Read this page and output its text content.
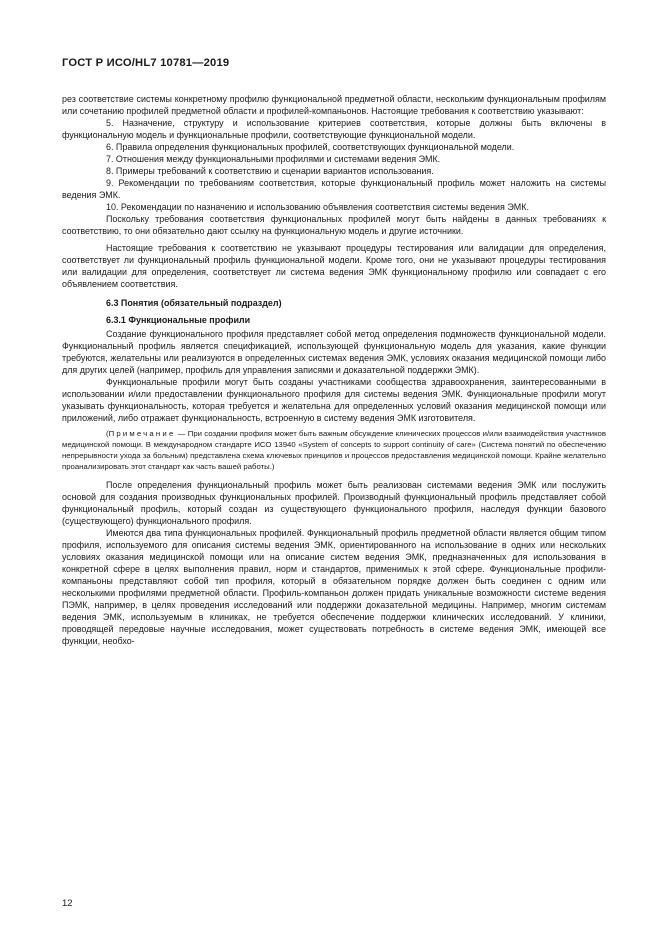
ГОСТ Р ИСО/HL7 10781—2019

рез соответствие системы конкретному профилю функциональной предметной области, нескольким функциональным профилям или сочетанию профилей предметной области и профилей-компаньонов. Настоящие требования к соответствию указывают:

5. Назначение, структуру и использование критериев соответствия, которые должны быть включены в функциональную модель и функциональные профили, соответствующие функциональной модели.

6. Правила определения функциональных профилей, соответствующих функциональной модели.

7. Отношения между функциональными профилями и системами ведения ЭМК.

8. Примеры требований к соответствию и сценарии вариантов использования.

9. Рекомендации по требованиям соответствия, которые функциональный профиль может наложить на системы ведения ЭМК.

10. Рекомендации по назначению и использованию объявления соответствия системы ведения ЭМК.

Поскольку требования соответствия функциональных профилей могут быть найдены в данных требованиях к соответствию, то они обязательно дают ссылку на функциональную модель и другие источники.

Настоящие требования к соответствию не указывают процедуры тестирования или валидации для определения, соответствует ли функциональный профиль функциональной модели. Кроме того, они не указывают процедуры тестирования или валидации для определения, соответствует ли система ведения ЭМК функциональному профилю или совпадает с его объявлением соответствия.

6.3 Понятия (обязательный подраздел)

6.3.1 Функциональные профили

Создание функционального профиля представляет собой метод определения подмножеств функциональной модели. Функциональный профиль является спецификацией, использующей функциональную модель для указания, какие функции требуются, желательны или реализуются в определенных системах ведения ЭМК, условиях оказания медицинской помощи либо для других целей (например, профиль для управления записями и доказательной поддержки ЭМК).

Функциональные профили могут быть созданы участниками сообщества здравоохранения, заинтересованными в использовании и/или предоставлении функционального профиля для системы ведения ЭМК. Функциональные профили могут указывать функциональность, которая требуется и желательна для определенных условий оказания медицинской помощи или приложений, либо отражает функциональность, встроенную в систему ведения ЭМК изготовителя.

(Примечание — При создании профиля может быть важным обсуждение клинических процессов и/или взаимодействия участников медицинской помощи. В международном стандарте ИСО 13940 «System of concepts to support continuity of care» (Система понятий по обеспечению непрерывности ухода за больным) представлена схема ключевых принципов и процессов предоставления медицинской помощи. Крайне желательно проанализировать этот стандарт как часть вашей работы.)

После определения функциональный профиль может быть реализован системами ведения ЭМК или послужить основой для создания производных функциональных профилей. Производный функциональный профиль представляет собой функциональный профиль, который создан из существующего функционального профиля, наследуя функции базового (существующего) функционального профиля.

Имеются два типа функциональных профилей. Функциональный профиль предметной области является общим типом профиля, используемого для описания системы ведения ЭМК, ориентированного на использование в одних или нескольких условиях оказания медицинской помощи или на описание систем ведения ЭМК, предназначенных для использования в конкретной сфере в целях выполнения правил, норм и стандартов, применимых к этой сфере. Функциональные профили-компаньоны представляют собой тип профиля, который в обязательном порядке должен быть соединен с одним или несколькими профилями предметной области. Профиль-компаньон должен придать уникальные возможности системе ведения ПЭМК, например, в целях проведения исследований или поддержки доказательной медицины. Например, многим системам ведения ЭМК, используемым в клиниках, не требуется обеспечение поддержки клинических исследований. У клиники, проводящей передовые научные исследования, может существовать потребность в системе ведения ЭМК, имеющей все функции, необхо-

12
